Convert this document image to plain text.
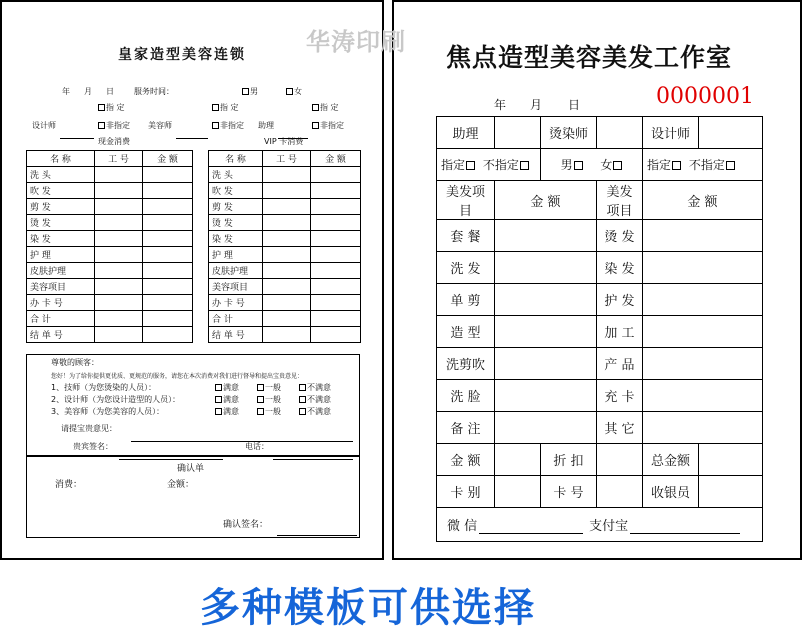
皇家造型美容连锁
年 月 日	服务时间：	男	女
指 定	指 定	指 定
设计师	非指定 美容师	非指定 助理	非指定
现金消费	VIP 卡消费
名 称	工 号	金 额
洗 头		
吹 发		
剪 发		
烫 发		
染 发		
护 理		
皮肤护理		
美容项目		
办 卡 号		
合 计		
结 单 号		
名 称	工 号	金 额
洗 头		
吹 发		
剪 发		
烫 发		
染 发		
护 理		
皮肤护理		
美容项目		
办 卡 号		
合 计		
结 单 号		
尊敬的顾客：
您好！为了给你提供更优质、更规范的服务，请您在本次消费对我们进行督导和提出宝贵意见：
1、技师（为您烫染的人员）：	满意	一般	不满意
2、设计师（为您设计造型的人员）：	满意	一般	不满意
3、美容师（为您美容的人员）：	满意	一般	不满意
请提宝贵意见：
贵宾签名：	电话：
确认单
消费：	金额：
确认签名：
焦点造型美容美发工作室
年 月 日	0000001
助理		烫染师		设计师	
指定 不指定		男 女		指定 不指定	
美发项目	金 额		美发项目	金 额	
套 餐			烫 发		
洗 发			染 发		
单 剪			护 发		
造 型			加 工		
洗剪吹			产 品		
洗 脸			充 卡		
备 注			其 它		
金 额		折 扣		总金额	
卡 别		卡 号		收银员	
微 信 支付宝					
华涛印刷
多种模板可供选择
